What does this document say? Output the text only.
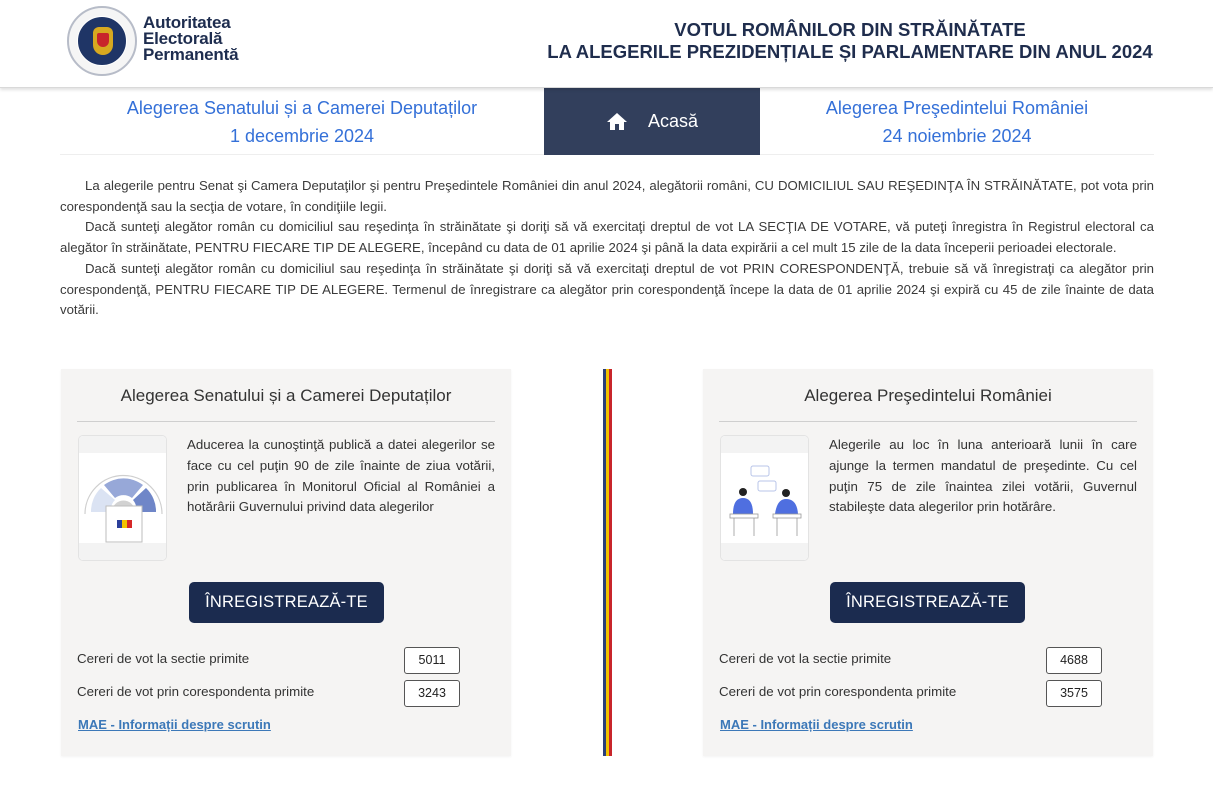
Autoritatea
Electorală
Permanentă
VOTUL ROMÂNILOR DIN STRĂINĂTATE
LA ALEGERILE PREZIDENȚIALE ȘI PARLAMENTARE DIN ANUL 2024
Alegerea Senatului și a Camerei Deputaților
1 decembrie 2024
Acasă
Alegerea Preşedintelui României
24 noiembrie 2024

La alegerile pentru Senat şi Camera Deputaţilor şi pentru Preşedintele României din anul 2024, alegătorii români, CU DOMICILIUL SAU REŞEDINŢA ÎN STRĂINĂTATE, pot vota prin corespondenţă sau la secţia de votare, în condiţiile legii.

Dacă sunteţi alegător român cu domiciliul sau reşedinţa în străinătate şi doriţi să vă exercitaţi dreptul de vot LA SECŢIA DE VOTARE, vă puteţi înregistra în Registrul electoral ca alegător în străinătate, PENTRU FIECARE TIP DE ALEGERE, începând cu data de 01 aprilie 2024 şi până la data expirării a cel mult 15 zile de la data începerii perioadei electorale.

Dacă sunteţi alegător român cu domiciliul sau reşedinţa în străinătate şi doriţi să vă exercitaţi dreptul de vot PRIN CORESPONDENŢĂ, trebuie să vă înregistraţi ca alegător prin corespondenţă, PENTRU FIECARE TIP DE ALEGERE. Termenul de înregistrare ca alegător prin corespondenţă începe la data de 01 aprilie 2024 şi expiră cu 45 de zile înainte de data votării.

Alegerea Senatului și a Camerei Deputaților
Aducerea la cunoştinţă publică a datei alegerilor se face cu cel puţin 90 de zile înainte de ziua votării, prin publicarea în Monitorul Oficial al României a hotărârii Guvernului privind data alegerilor
ÎNREGISTREAZĂ-TE
Cereri de vot la sectie primite	5011
Cereri de vot prin corespondenta primite	3243
MAE - Informații despre scrutin
Alegerea Preşedintelui României
Alegerile au loc în luna anterioară lunii în care ajunge la termen mandatul de preşedinte. Cu cel puţin 75 de zile înaintea zilei votării, Guvernul stabileşte data alegerilor prin hotărâre.
ÎNREGISTREAZĂ-TE
Cereri de vot la sectie primite	4688
Cereri de vot prin corespondenta primite	3575
MAE - Informații despre scrutin
